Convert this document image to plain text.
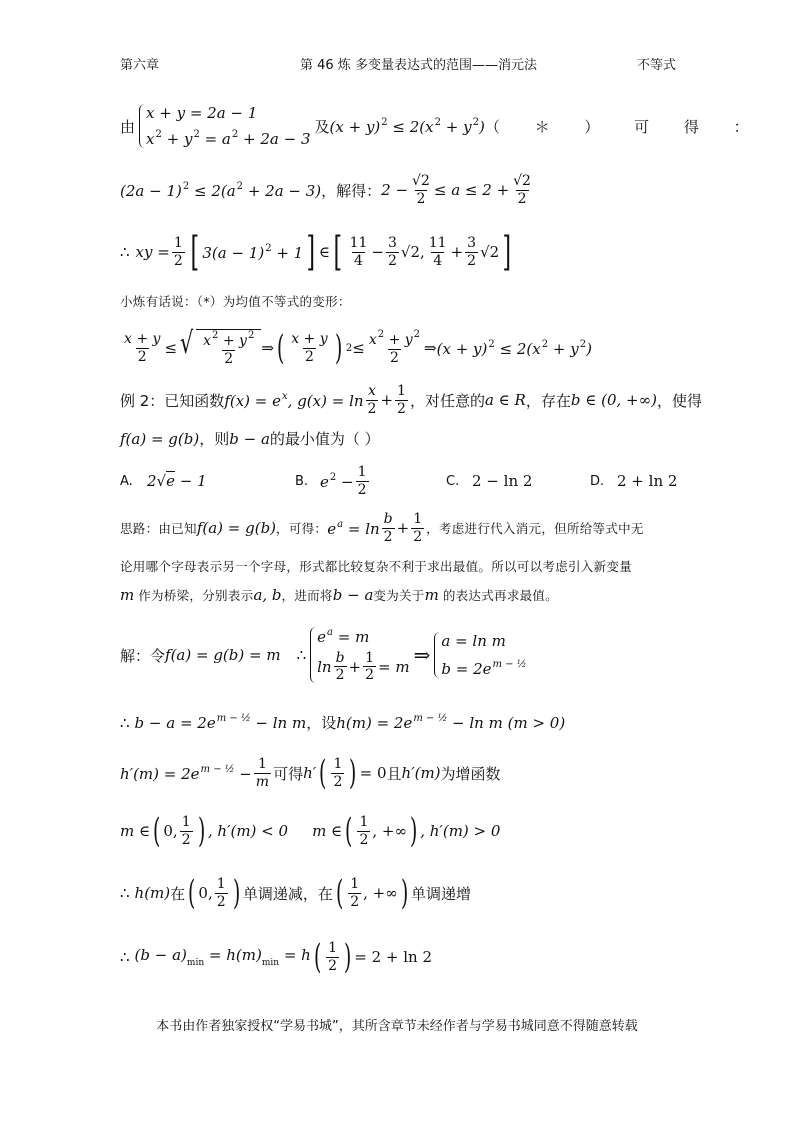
第六章	第 46 炼 多变量表达式的范围——消元法	不等式
由
x + y = 2a − 1
$x^2 + y^2 = a^2 + 2a - 3$
及 $(x + y)^2 \le 2(x^2 + y^2)$ （ ＊ ） 可 得 ：
$(2a - 1)^2 \le 2(a^2 + 2a - 3)$ ，解得： $2 - \frac{√2}{2} \le a \le 2 + \frac{√2}{2}$
∴ xy = $\frac{1}{2}$ [ $3(a - 1)^2 + 1$ ] ∈ [ $\frac{11}{4} - \frac{3}{2} √2$, $\frac{11}{4} + \frac{3}{2} √2$ ]
小炼有话说：（*）为均值不等式的变形：
$\frac{x + y}{2}$ ≤ √ $\frac{x^2 + y^2}{2}$ ⇒ ( $\frac{x + y}{2}$ ) $2 \le \frac{x^2 + y^2}{2}$ ⇒ $(x + y)^2 \le 2(x^2 + y^2)$
例 2：已知函数 $f(x) = e^x$, $g(x) = \ln \frac{x}{2} + \frac{1}{2}$ ，对任意的 a ∈ R ，存在 b ∈ (0, +∞) ，使得
f(a) = g(b) ，则 b − a 的最小值为（ ）
A. 2√e − 1	B. $e^2 - \frac{1}{2}$	C. 2 − ln 2	D. 2 + ln 2
思路：由已知 f(a) = g(b) ，可得： $e^a = \ln \frac{b}{2} + \frac{1}{2}$ ，考虑进行代入消元，但所给等式中无
论用哪个字母表示另一个字母，形式都比较复杂不利于求出最值。所以可以考虑引入新变量
m 作为桥梁，分别表示 a, b ，进而将 b − a 变为关于 m 的表达式再求最值。
解：令 f(a) = g(b) = m ∴
$e^a = m$
$\ln \frac{b}{2} + \frac{1}{2} = m$ ⇒
a = ln m
$b = 2e^{m - \frac{1}{2}}$
∴ $b - a = 2e^{m - \frac{1}{2}} - \ln m$ ，设 $h(m) = 2e^{m - \frac{1}{2}} - \ln m$ (m > 0)
$h'(m) = 2e^{m - \frac{1}{2}} - \frac{1}{m}$ 可得 h′ ( $\frac{1}{2}$ ) = 0 且 h′(m) 为增函数
m ∈ ( 0, $\frac{1}{2}$ ) , h′(m) < 0 m ∈ ( $\frac{1}{2}$ , +∞ ) , h′(m) > 0
∴ h(m) 在 ( 0, $\frac{1}{2}$ ) 单调递减，在 ( $\frac{1}{2}$ , +∞ ) 单调递增
∴ $(b - a)_{min} = h(m)_{min} = h$ ( $\frac{1}{2}$ ) = 2 + ln 2
本书由作者独家授权“学易书城”，其所含章节未经作者与学易书城同意不得随意转载
